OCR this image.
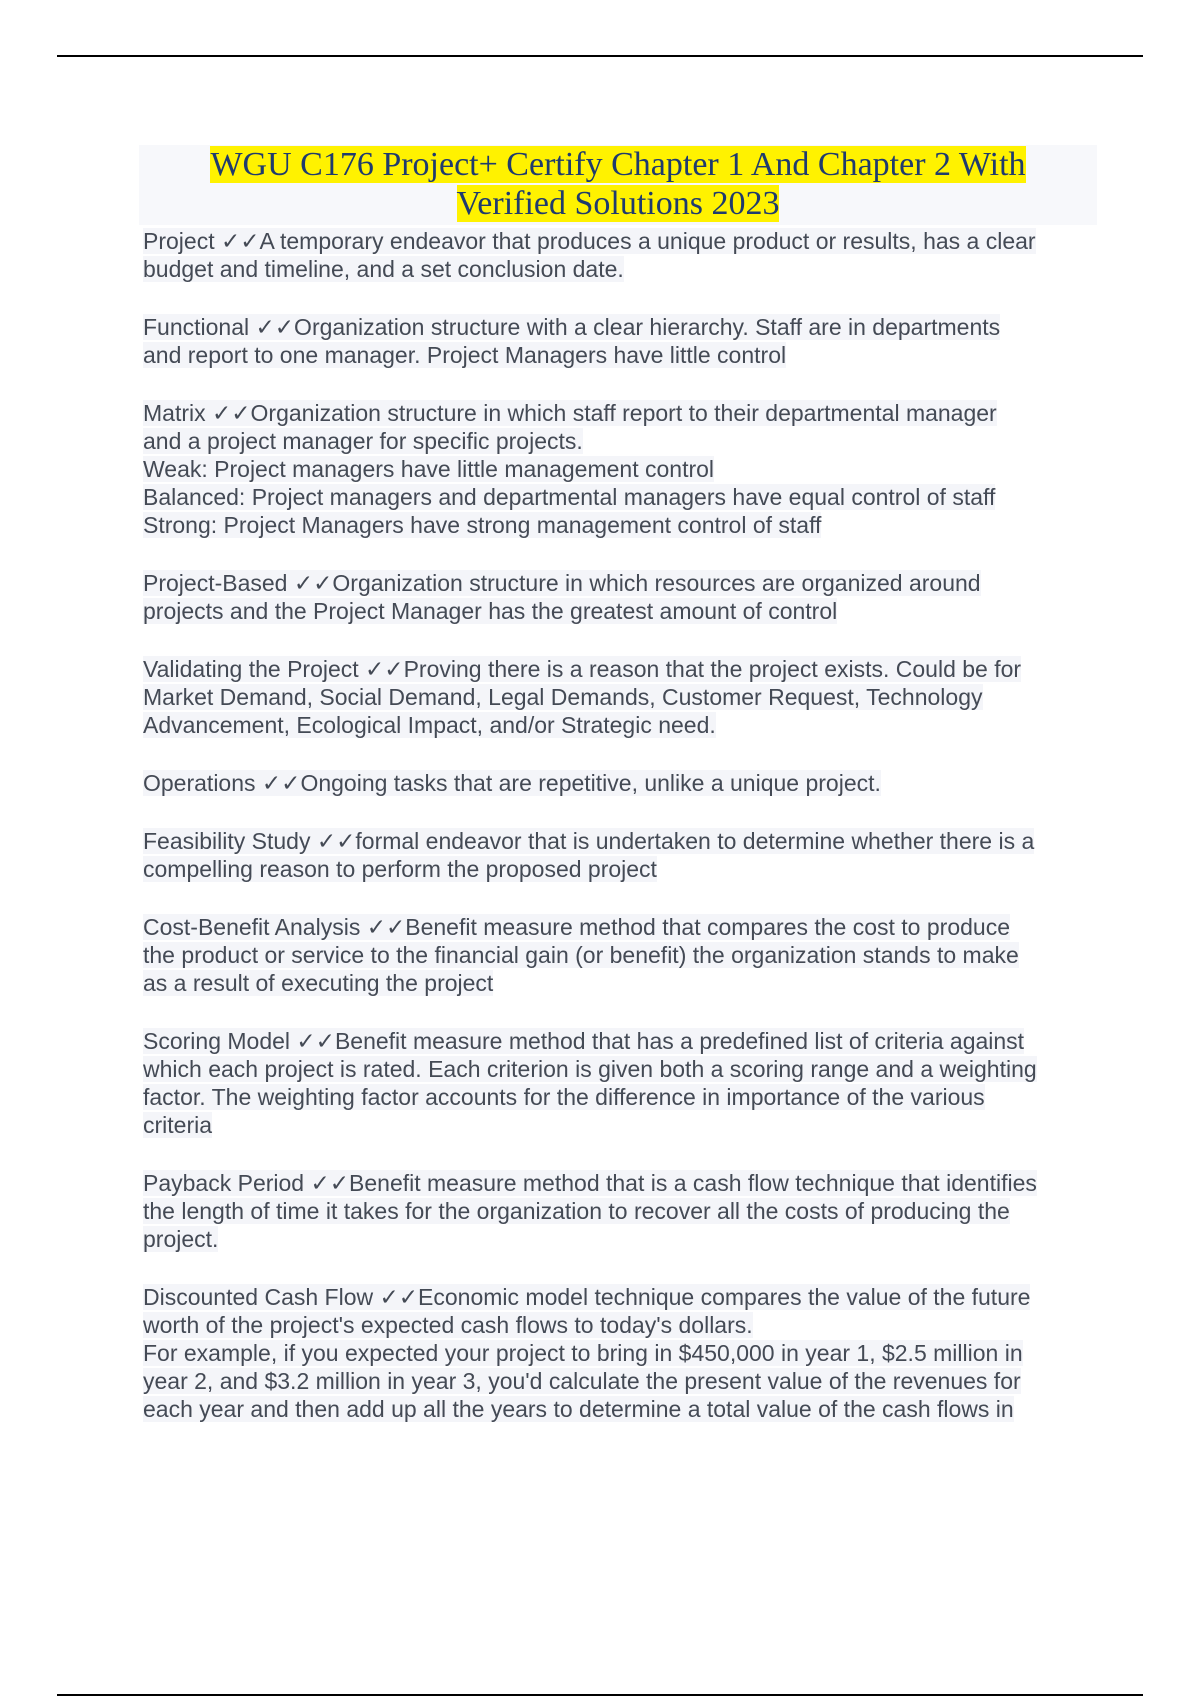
WGU C176 Project+ Certify Chapter 1 And Chapter 2 With
Verified Solutions 2023

Project ✓✓A temporary endeavor that produces a unique product or results, has a clear
budget and timeline, and a set conclusion date.
Functional ✓✓Organization structure with a clear hierarchy. Staff are in departments
and report to one manager. Project Managers have little control
Matrix ✓✓Organization structure in which staff report to their departmental manager
and a project manager for specific projects.
Weak: Project managers have little management control
Balanced: Project managers and departmental managers have equal control of staff
Strong: Project Managers have strong management control of staff
Project-Based ✓✓Organization structure in which resources are organized around
projects and the Project Manager has the greatest amount of control
Validating the Project ✓✓Proving there is a reason that the project exists. Could be for
Market Demand, Social Demand, Legal Demands, Customer Request, Technology
Advancement, Ecological Impact, and/or Strategic need.
Operations ✓✓Ongoing tasks that are repetitive, unlike a unique project.
Feasibility Study ✓✓formal endeavor that is undertaken to determine whether there is a
compelling reason to perform the proposed project
Cost-Benefit Analysis ✓✓Benefit measure method that compares the cost to produce
the product or service to the financial gain (or benefit) the organization stands to make
as a result of executing the project
Scoring Model ✓✓Benefit measure method that has a predefined list of criteria against
which each project is rated. Each criterion is given both a scoring range and a weighting
factor. The weighting factor accounts for the difference in importance of the various
criteria
Payback Period ✓✓Benefit measure method that is a cash flow technique that identifies
the length of time it takes for the organization to recover all the costs of producing the
project.
Discounted Cash Flow ✓✓Economic model technique compares the value of the future
worth of the project's expected cash flows to today's dollars.
For example, if you expected your project to bring in $450,000 in year 1, $2.5 million in
year 2, and $3.2 million in year 3, you'd calculate the present value of the revenues for
each year and then add up all the years to determine a total value of the cash flows in
